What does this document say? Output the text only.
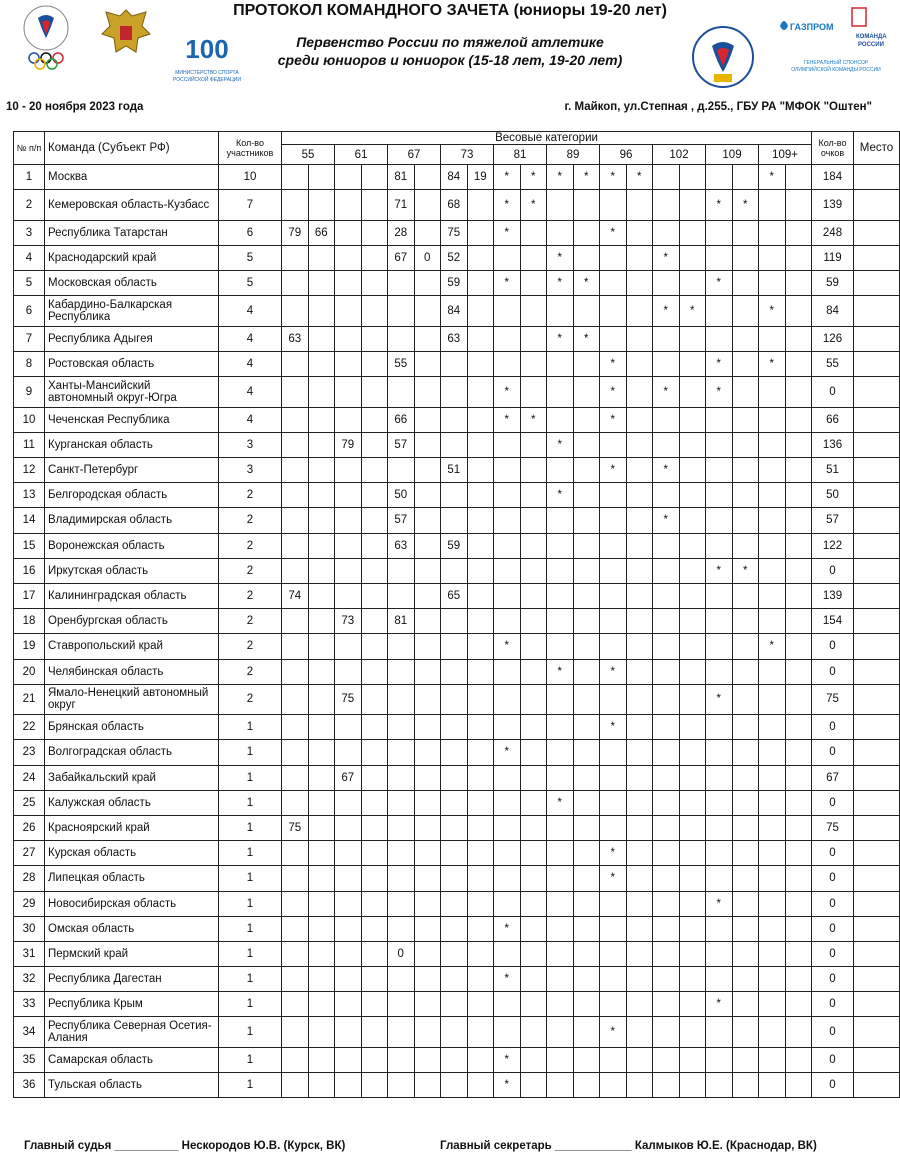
100
МИНИСТЕРСТВО СПОРТА
РОССИЙСКОЙ ФЕДЕРАЦИИ
ПРОТОКОЛ КОМАНДНОГО ЗАЧЕТА (юниоры 19-20 лет)
Первенство России по тяжелой атлетике
среди юниоров и юниорок (15-18 лет, 19-20 лет)
ГАЗПРОМ
КОМАНДА
РОССИИ
ГЕНЕРАЛЬНЫЙ СПОНСОР
ОЛИМПИЙСКОЙ КОМАНДЫ РОССИИ
10 - 20 ноября 2023 года	г. Майкоп, ул.Степная , д.255., ГБУ РА "МФОК "Оштен"
№ п/п	Команда (Субъект РФ)	Кол-во участников	Весовые категории																				Кол-во очков	Место
			55		61		67		73		81		89		96		102		109		109+			
1	Москва	10					81		84	19	*	*	*	*	*	*					*		184	
2	Кемеровская область-Кузбасс	7					71		68		*	*							*	*			139	
3	Республика Татарстан	6	79	66			28		75		*				*								248	
4	Краснодарский край	5					67	0	52				*				*						119	
5	Московская область	5							59		*		*	*					*				59	
6	Кабардино-Балкарская Республика	4							84								*	*			*		84	
7	Республика Адыгея	4	63						63				*	*									126	
8	Ростовская область	4					55								*				*		*		55	
9	Ханты-Мансийский автономный округ-Югра	4									*				*		*		*				0	
10	Чеченская Республика	4					66				*	*			*								66	
11	Курганская область	3			79		57						*										136	
12	Санкт-Петербург	3							51						*		*						51	
13	Белгородская область	2					50						*										50	
14	Владимирская область	2					57										*						57	
15	Воронежская область	2					63		59														122	
16	Иркутская область	2																	*	*			0	
17	Калининградская область	2	74						65														139	
18	Оренбургская область	2			73		81																154	
19	Ставропольский край	2									*										*		0	
20	Челябинская область	2											*		*								0	
21	Ямало-Ненецкий автономный округ	2			75														*				75	
22	Брянская область	1													*								0	
23	Волгоградская область	1									*												0	
24	Забайкальский край	1			67																		67	
25	Калужская область	1											*										0	
26	Красноярский край	1	75																				75	
27	Курская область	1													*								0	
28	Липецкая область	1													*								0	
29	Новосибирская область	1																	*				0	
30	Омская область	1									*												0	
31	Пермский край	1					0																0	
32	Республика Дагестан	1									*												0	
33	Республика Крым	1																	*				0	
34	Республика Северная Осетия-Алания	1													*								0	
35	Самарская область	1									*												0	
36	Тульская область	1									*												0	
Главный судья __________ Нескородов Ю.В. (Курск, ВК)	Главный секретарь ____________ Калмыков Ю.Е. (Краснодар, ВК)
